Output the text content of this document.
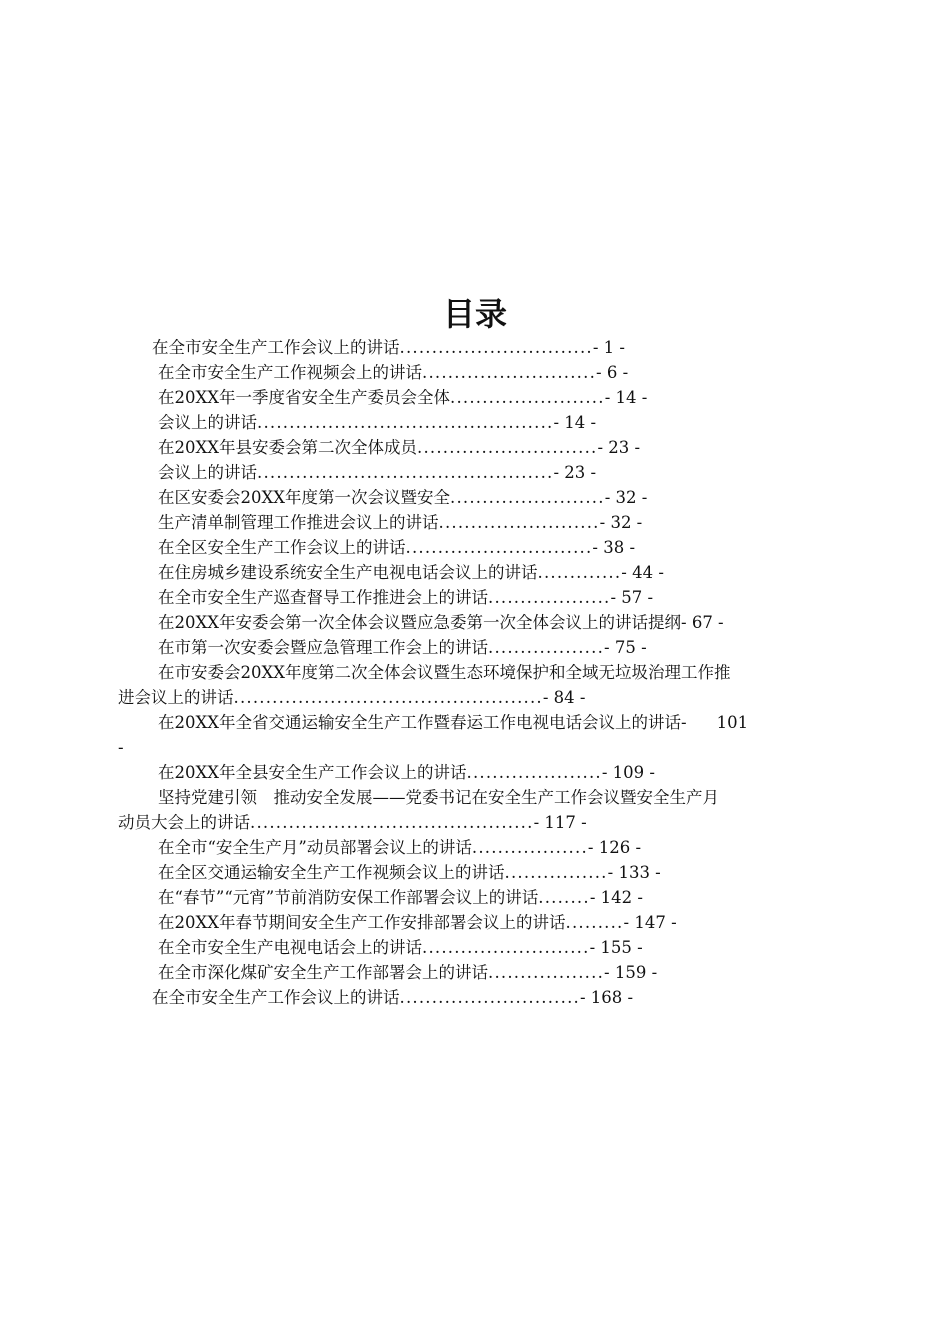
目录
在全市安全生产工作会议上的讲话 .............................. - 1 -
在全市安全生产工作视频会上的讲话 ........................... - 6 -
在20XX年一季度省安全生产委员会全体 ........................ - 14 -
会议上的讲话 .............................................. - 14 -
在20XX年县安委会第二次全体成员 ............................ - 23 -
会议上的讲话 .............................................. - 23 -
在区安委会20XX年度第一次会议暨安全 ........................ - 32 -
生产清单制管理工作推进会议上的讲话 ......................... - 32 -
在全区安全生产工作会议上的讲话 ............................. - 38 -
在住房城乡建设系统安全生产电视电话会议上的讲话 ............. - 44 -
在全市安全生产巡查督导工作推进会上的讲话 ................... - 57 -
在20XX年安委会第一次全体会议暨应急委第一次全体会议上的讲话提纲 - 67 -
在市第一次安委会暨应急管理工作会上的讲话 .................. - 75 -
在市安委会20XX年度第二次全体会议暨生态环境保护和全域无垃圾治理工作推
进会议上的讲话 ................................................ - 84 -
在20XX年全省交通运输安全生产工作暨春运工作电视电话会议上的讲话- 101
-
在20XX年全县安全生产工作会议上的讲话 ..................... - 109 -
坚持党建引领　推动安全发展——党委书记在安全生产工作会议暨安全生产月
动员大会上的讲话 ............................................ - 117 -
在全市“安全生产月”动员部署会议上的讲话 .................. - 126 -
在全区交通运输安全生产工作视频会议上的讲话 ................ - 133 -
在“春节”“元宵”节前消防安保工作部署会议上的讲话 ........ - 142 -
在20XX年春节期间安全生产工作安排部署会议上的讲话 ......... - 147 -
在全市安全生产电视电话会上的讲话 .......................... - 155 -
在全市深化煤矿安全生产工作部署会上的讲话 .................. - 159 -
在全市安全生产工作会议上的讲话 ............................ - 168 -
